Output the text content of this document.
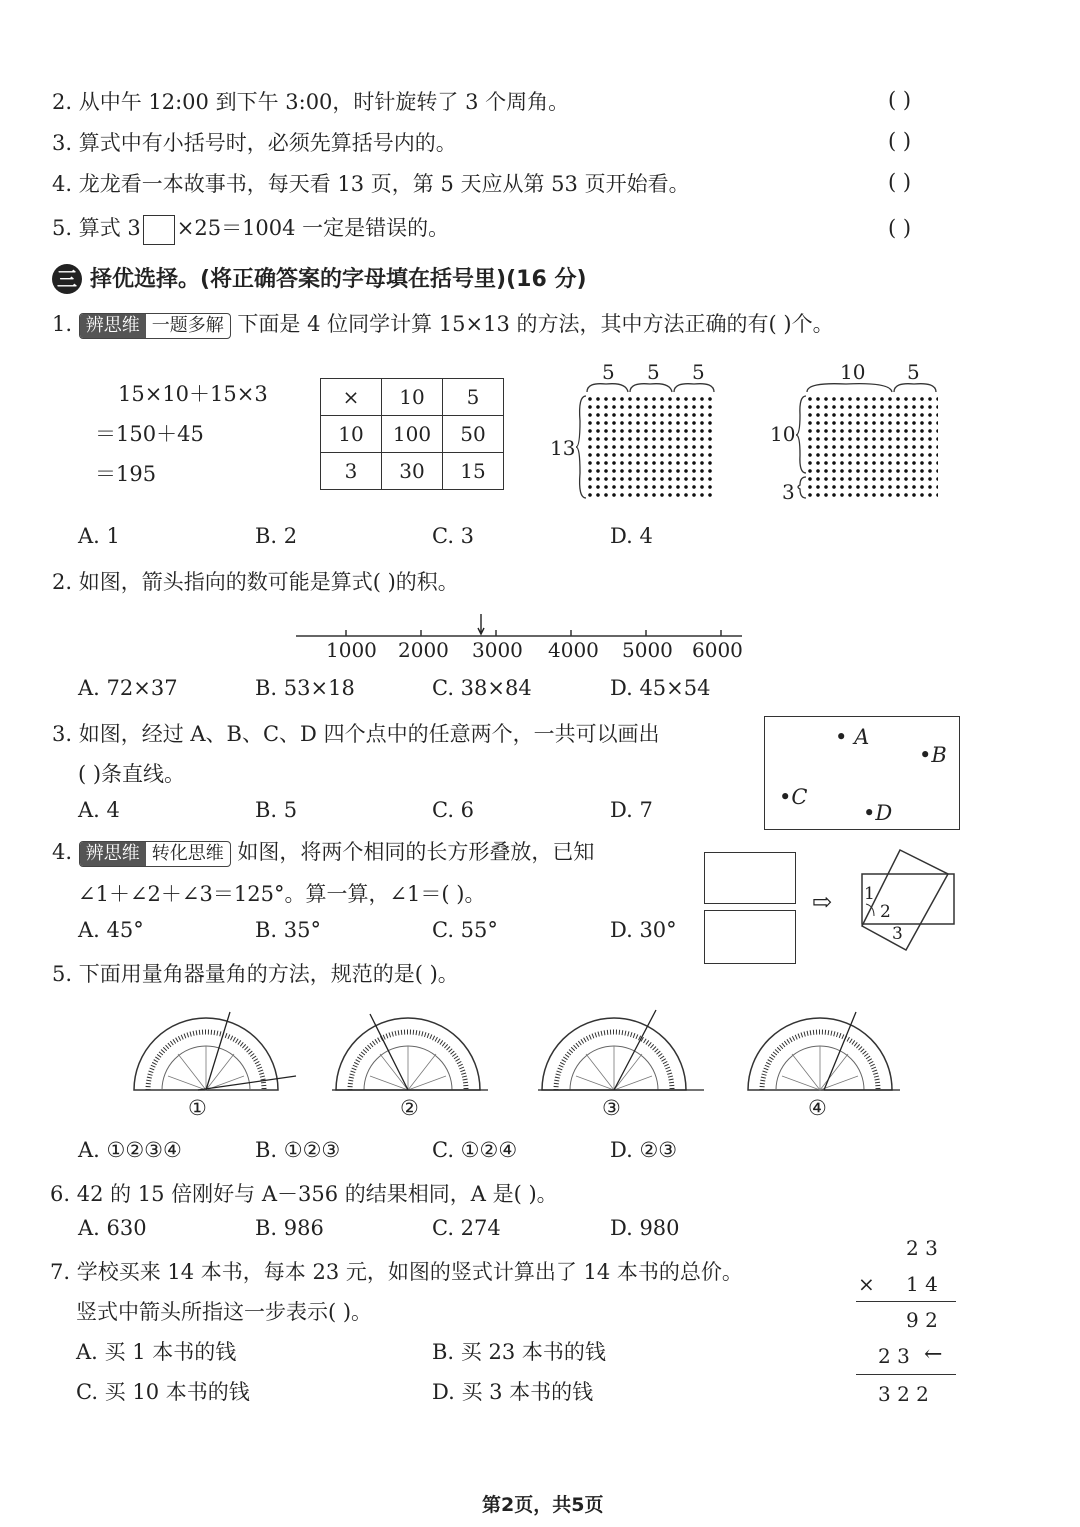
2. 从中午 12:00 到下午 3:00，时针旋转了 3 个周角。	( )
3. 算式中有小括号时，必须先算括号内的。	( )
4. 龙龙看一本故事书，每天看 13 页，第 5 天应从第 53 页开始看。	( )
5. 算式 3 ×25＝1004 一定是错误的。	( )
三 择优选择。(将正确答案的字母填在括号里)(16 分)
1. 辨思维 一题多解 下面是 4 位同学计算 15×13 的方法，其中方法正确的有( )个。
15×10＋15×3
＝150＋45
＝195
×	10	5
10	100	50
3	30	15
5 5 5
13
10 5
10
3
A. 1	B. 2	C. 3	D. 4
2. 如图，箭头指向的数可能是算式( )的积。
1000 2000 3000 4000 5000 6000
A. 72×37	B. 53×18	C. 38×84	D. 45×54
3. 如图，经过 A、B、C、D 四个点中的任意两个，一共可以画出
( )条直线。
• A
•B
•C
•D
A. 4	B. 5	C. 6	D. 7
4. 辨思维 转化思维 如图，将两个相同的长方形叠放，已知
∠1＋∠2＋∠3＝125°。算一算，∠1＝( )。	⇨ 1
2
3
A. 45°	B. 35°	C. 55°	D. 30°
5. 下面用量角器量角的方法，规范的是( )。
①	②	③	④
A. ①②③④	B. ①②③	C. ①②④	D. ②③
6. 42 的 15 倍刚好与 A－356 的结果相同，A 是( )。
A. 630	B. 986	C. 274	D. 980
7. 学校买来 14 本书，每本 23 元，如图的竖式计算出了 14 本书的总价。
竖式中箭头所指这一步表示( )。
A. 买 1 本书的钱	B. 买 23 本书的钱
C. 买 10 本书的钱	D. 买 3 本书的钱
2 3
× 1 4
9 2
2 3 ←
3 2 2
第2页，共5页
